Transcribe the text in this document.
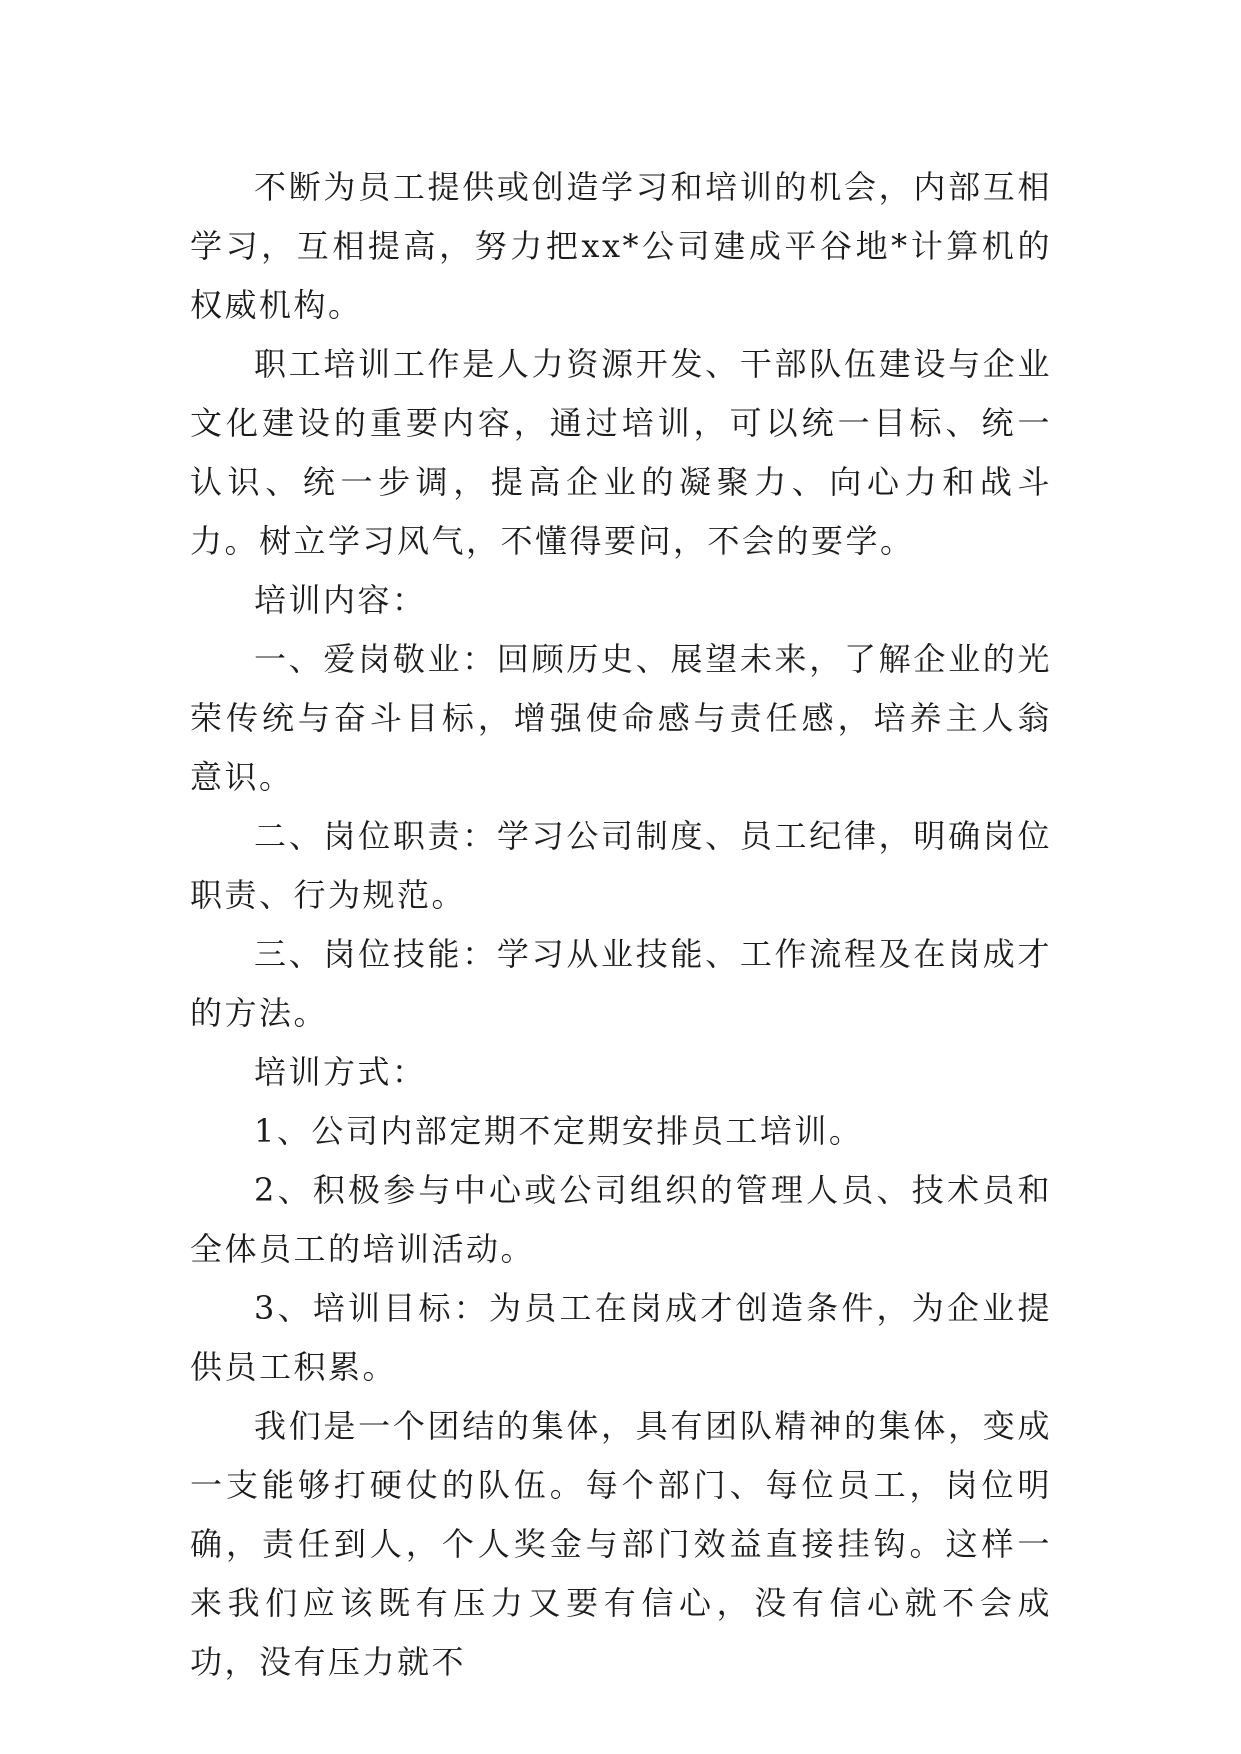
不断为员工提供或创造学习和培训的机会，内部互相学习，互相提高，努力把xx*公司建成平谷地*计算机的权威机构。

职工培训工作是人力资源开发、干部队伍建设与企业文化建设的重要内容，通过培训，可以统一目标、统一认识、统一步调，提高企业的凝聚力、向心力和战斗力。树立学习风气，不懂得要问，不会的要学。

培训内容：

一、爱岗敬业：回顾历史、展望未来，了解企业的光荣传统与奋斗目标，增强使命感与责任感，培养主人翁意识。

二、岗位职责：学习公司制度、员工纪律，明确岗位职责、行为规范。

三、岗位技能：学习从业技能、工作流程及在岗成才的方法。

培训方式：

1、公司内部定期不定期安排员工培训。

2、积极参与中心或公司组织的管理人员、技术员和全体员工的培训活动。

3、培训目标：为员工在岗成才创造条件，为企业提供员工积累。

我们是一个团结的集体，具有团队精神的集体，变成一支能够打硬仗的队伍。每个部门、每位员工，岗位明确，责任到人，个人奖金与部门效益直接挂钩。这样一来我们应该既有压力又要有信心，没有信心就不会成功，没有压力就不
